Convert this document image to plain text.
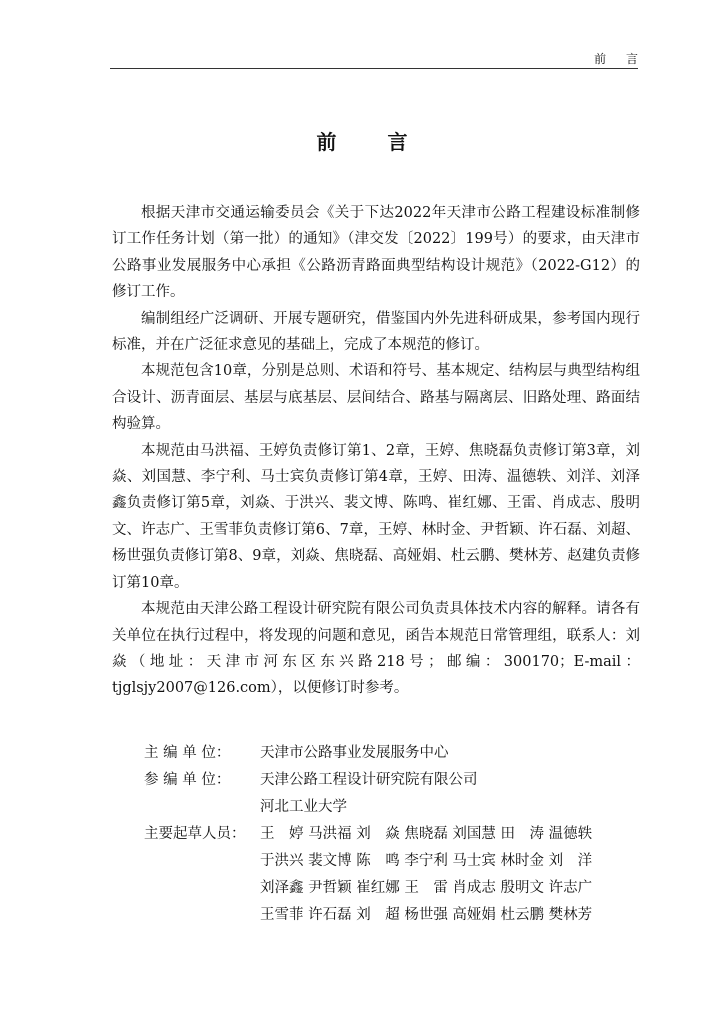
前 言
前 言

根据天津市交通运输委员会《关于下达2022年天津市公路工程建设标准制修订工作任务计划（第一批）的通知》（津交发〔2022〕199号）的要求，由天津市公路事业发展服务中心承担《公路沥青路面典型结构设计规范》（2022-G12）的修订工作。

编制组经广泛调研、开展专题研究，借鉴国内外先进科研成果，参考国内现行标准，并在广泛征求意见的基础上，完成了本规范的修订。

本规范包含10章，分别是总则、术语和符号、基本规定、结构层与典型结构组合设计、沥青面层、基层与底基层、层间结合、路基与隔离层、旧路处理、路面结构验算。

本规范由马洪福、王婷负责修订第1、2章，王婷、焦晓磊负责修订第3章，刘焱、刘国慧、李宁利、马士宾负责修订第4章，王婷、田涛、温德轶、刘洋、刘泽鑫负责修订第5章，刘焱、于洪兴、裴文博、陈鸣、崔红娜、王雷、肖成志、殷明文、许志广、王雪菲负责修订第6、7章，王婷、林时金、尹哲颖、许石磊、刘超、杨世强负责修订第8、9章，刘焱、焦晓磊、高娅娟、杜云鹏、樊林芳、赵建负责修订第10章。

本规范由天津公路工程设计研究院有限公司负责具体技术内容的解释。请各有关单位在执行过程中，将发现的问题和意见，函告本规范日常管理组，联系人：刘焱（地址：天津市河东区东兴路218号；邮编：300170；E-mail：tjglsjy2007@126.com），以便修订时参考。

主 编 单 位：	天津市公路事业发展服务中心
参 编 单 位：	天津公路工程设计研究院有限公司
河北工业大学
主要起草人员：	王　婷 马洪福 刘　焱 焦晓磊 刘国慧 田　涛 温德轶
于洪兴 裴文博 陈　鸣 李宁利 马士宾 林时金 刘　洋
刘泽鑫 尹哲颖 崔红娜 王　雷 肖成志 殷明文 许志广
王雪菲 许石磊 刘　超 杨世强 高娅娟 杜云鹏 樊林芳
